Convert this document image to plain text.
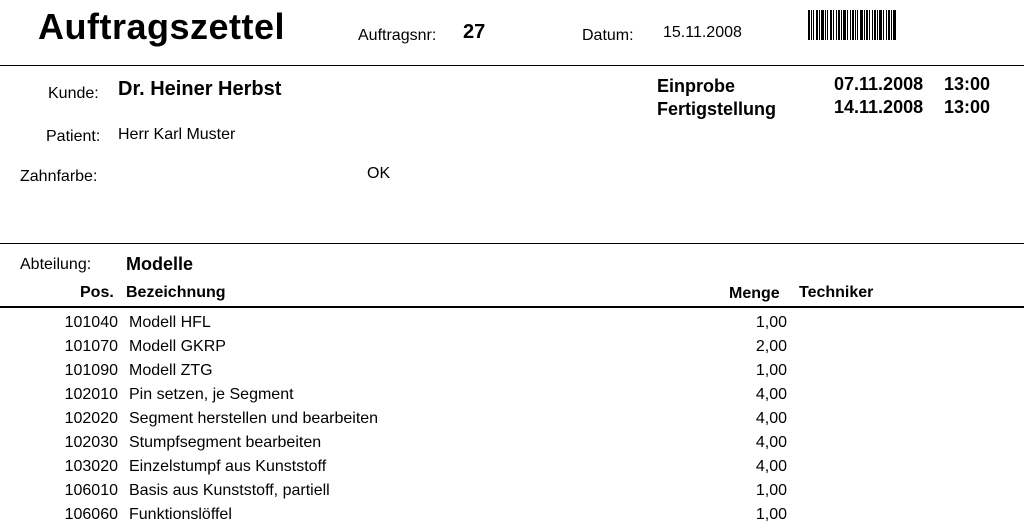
Auftragszettel	Auftragsnr: 27	Datum: 15.11.2008
Kunde: Dr. Heiner Herbst
Patient: Herr Karl Muster
Zahnfarbe:	OK
Einprobe	07.11.2008 13:00
Fertigstellung	14.11.2008 13:00
Abteilung: Modelle
Pos. Bezeichnung	Menge Techniker
101040 Modell HFL	1,00
101070 Modell GKRP	2,00
101090 Modell ZTG	1,00
102010 Pin setzen, je Segment	4,00
102020 Segment herstellen und bearbeiten	4,00
102030 Stumpfsegment bearbeiten	4,00
103020 Einzelstumpf aus Kunststoff	4,00
106010 Basis aus Kunststoff, partiell	1,00
106060 Funktionslöffel	1,00
